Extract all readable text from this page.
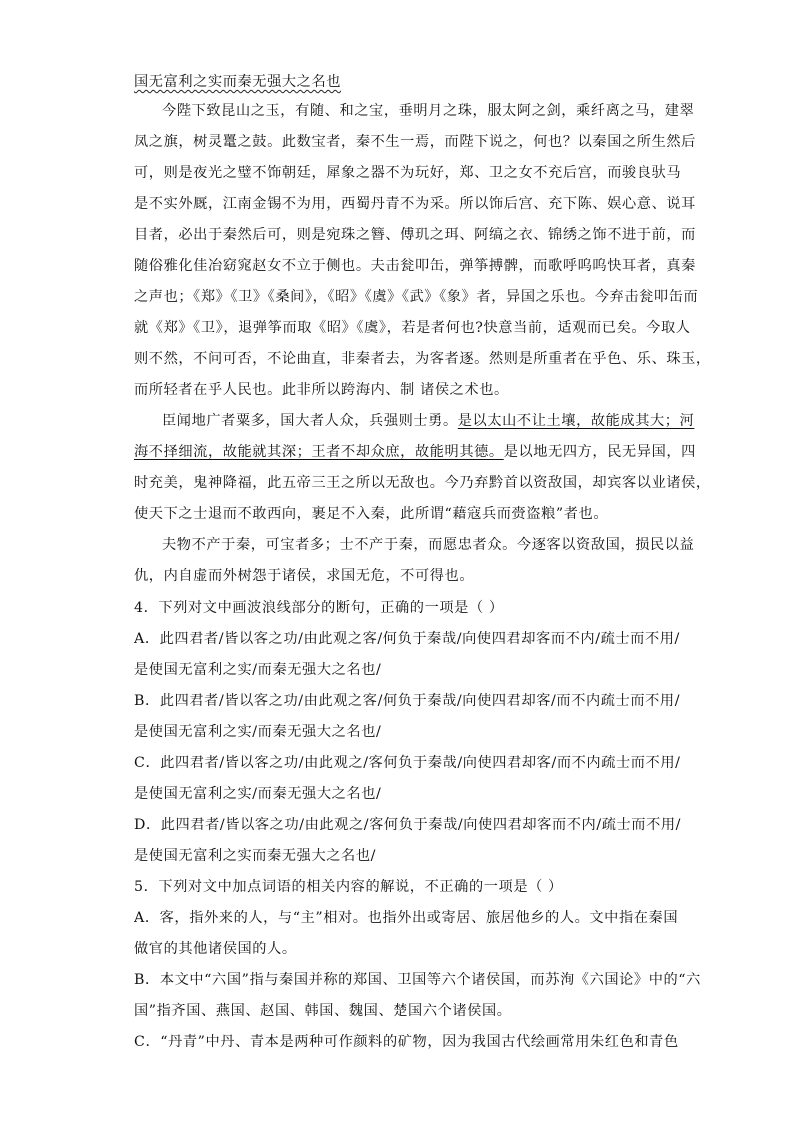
国无富利之实而秦无强大之名也
今陛下致昆山之玉，有随、和之宝，垂明月之珠，服太阿之剑，乘纤离之马，建翠
凤之旗，树灵鼍之鼓。此数宝者，秦不生一焉，而陛下说之，何也？以秦国之所生然后
可，则是夜光之璧不饰朝廷，犀象之器不为玩好，郑、卫之女不充后宫，而骏良驮马
是不实外厩，江南金锡不为用，西蜀丹青不为采。所以饰后宫、充下陈、娱心意、说耳
目者，必出于秦然后可，则是宛珠之簪、傅玑之珥、阿缟之衣、锦绣之饰不进于前，而
随俗雅化佳冶窈窕赵女不立于侧也。夫击瓮叩缶，弹筝搏髀，而歌呼呜呜快耳者，真秦
之声也；《郑》《卫》《桑间》，《昭》《虞》《武》《象》者，异国之乐也。今弃击瓮叩缶而
就《郑》《卫》，退弹筝而取《昭》《虞》，若是者何也?快意当前，适观而已矣。今取人
则不然，不问可否，不论曲直，非秦者去，为客者逐。然则是所重者在乎色、乐、珠玉，
而所轻者在乎人民也。此非所以跨海内、制 诸侯之术也。
臣闻地广者粟多，国大者人众，兵强则士勇。是以太山不让土壤，故能成其大；河
海不择细流，故能就其深；王者不却众庶，故能明其德。是以地无四方，民无异国，四
时充美，鬼神降福，此五帝三王之所以无敌也。今乃弃黔首以资敌国，却宾客以业诸侯，
使天下之士退而不敢西向，裹足不入秦，此所谓“藉寇兵而赍盗粮”者也。
夫物不产于秦，可宝者多；士不产于秦，而愿忠者众。今逐客以资敌国，损民以益
仇，内自虚而外树怨于诸侯，求国无危，不可得也。
4．下列对文中画波浪线部分的断句，正确的一项是（ ）
A．此四君者/皆以客之功/由此观之客/何负于秦哉/向使四君却客而不内/疏士而不用/
是使国无富利之实/而秦无强大之名也/
B．此四君者/皆以客之功/由此观之客/何负于秦哉/向使四君却客/而不内疏士而不用/
是使国无富利之实/而秦无强大之名也/
C．此四君者/皆以客之功/由此观之/客何负于秦哉/向使四君却客/而不内疏士而不用/
是使国无富利之实/而秦无强大之名也/
D．此四君者/皆以客之功/由此观之/客何负于秦哉/向使四君却客而不内/疏士而不用/
是使国无富利之实而秦无强大之名也/
5．下列对文中加点词语的相关内容的解说，不正确的一项是（ ）
A．客，指外来的人，与“主”相对。也指外出或寄居、旅居他乡的人。文中指在秦国
做官的其他诸侯国的人。
B．本文中“六国”指与秦国并称的郑国、卫国等六个诸侯国，而苏洵《六国论》中的“六
国”指齐国、燕国、赵国、韩国、魏国、楚国六个诸侯国。
C．“丹青”中丹、青本是两种可作颜料的矿物，因为我国古代绘画常用朱红色和青色
